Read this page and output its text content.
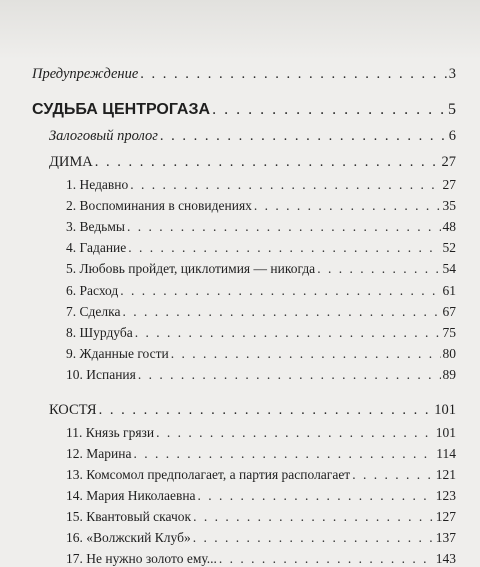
Предупреждение . . .	3
СУДЬБА ЦЕНТРОГАЗА . . .	5
Залоговый пролог . . .	6
ДИМА . . .	27
1. Недавно . . .	27
2. Воспоминания в сновидениях . . .	35
3. Ведьмы . . .	48
4. Гадание . . .	52
5. Любовь пройдет, циклотимия — никогда . . .	54
6. Расход . . .	61
7. Сделка . . .	67
8. Шурдуба . . .	75
9. Жданные гости . . .	80
10. Испания . . .	89
КОСТЯ . . .	101
11. Князь грязи . . .	101
12. Марина . . .	114
13. Комсомол предполагает, а партия располагает . . .	121
14. Мария Николаевна . . .	123
15. Квантовый скачок . . .	127
16. «Волжский Клуб» . . .	137
17. Не нужно золото ему... . . .	143
